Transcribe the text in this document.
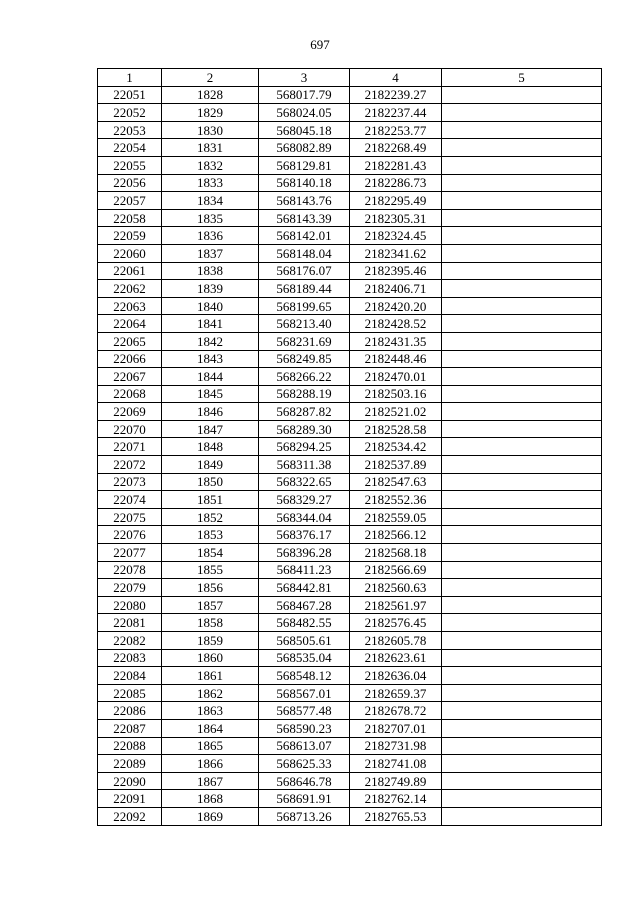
697
1	2	3	4	5
22051	1828	568017.79	2182239.27	
22052	1829	568024.05	2182237.44	
22053	1830	568045.18	2182253.77	
22054	1831	568082.89	2182268.49	
22055	1832	568129.81	2182281.43	
22056	1833	568140.18	2182286.73	
22057	1834	568143.76	2182295.49	
22058	1835	568143.39	2182305.31	
22059	1836	568142.01	2182324.45	
22060	1837	568148.04	2182341.62	
22061	1838	568176.07	2182395.46	
22062	1839	568189.44	2182406.71	
22063	1840	568199.65	2182420.20	
22064	1841	568213.40	2182428.52	
22065	1842	568231.69	2182431.35	
22066	1843	568249.85	2182448.46	
22067	1844	568266.22	2182470.01	
22068	1845	568288.19	2182503.16	
22069	1846	568287.82	2182521.02	
22070	1847	568289.30	2182528.58	
22071	1848	568294.25	2182534.42	
22072	1849	568311.38	2182537.89	
22073	1850	568322.65	2182547.63	
22074	1851	568329.27	2182552.36	
22075	1852	568344.04	2182559.05	
22076	1853	568376.17	2182566.12	
22077	1854	568396.28	2182568.18	
22078	1855	568411.23	2182566.69	
22079	1856	568442.81	2182560.63	
22080	1857	568467.28	2182561.97	
22081	1858	568482.55	2182576.45	
22082	1859	568505.61	2182605.78	
22083	1860	568535.04	2182623.61	
22084	1861	568548.12	2182636.04	
22085	1862	568567.01	2182659.37	
22086	1863	568577.48	2182678.72	
22087	1864	568590.23	2182707.01	
22088	1865	568613.07	2182731.98	
22089	1866	568625.33	2182741.08	
22090	1867	568646.78	2182749.89	
22091	1868	568691.91	2182762.14	
22092	1869	568713.26	2182765.53	
